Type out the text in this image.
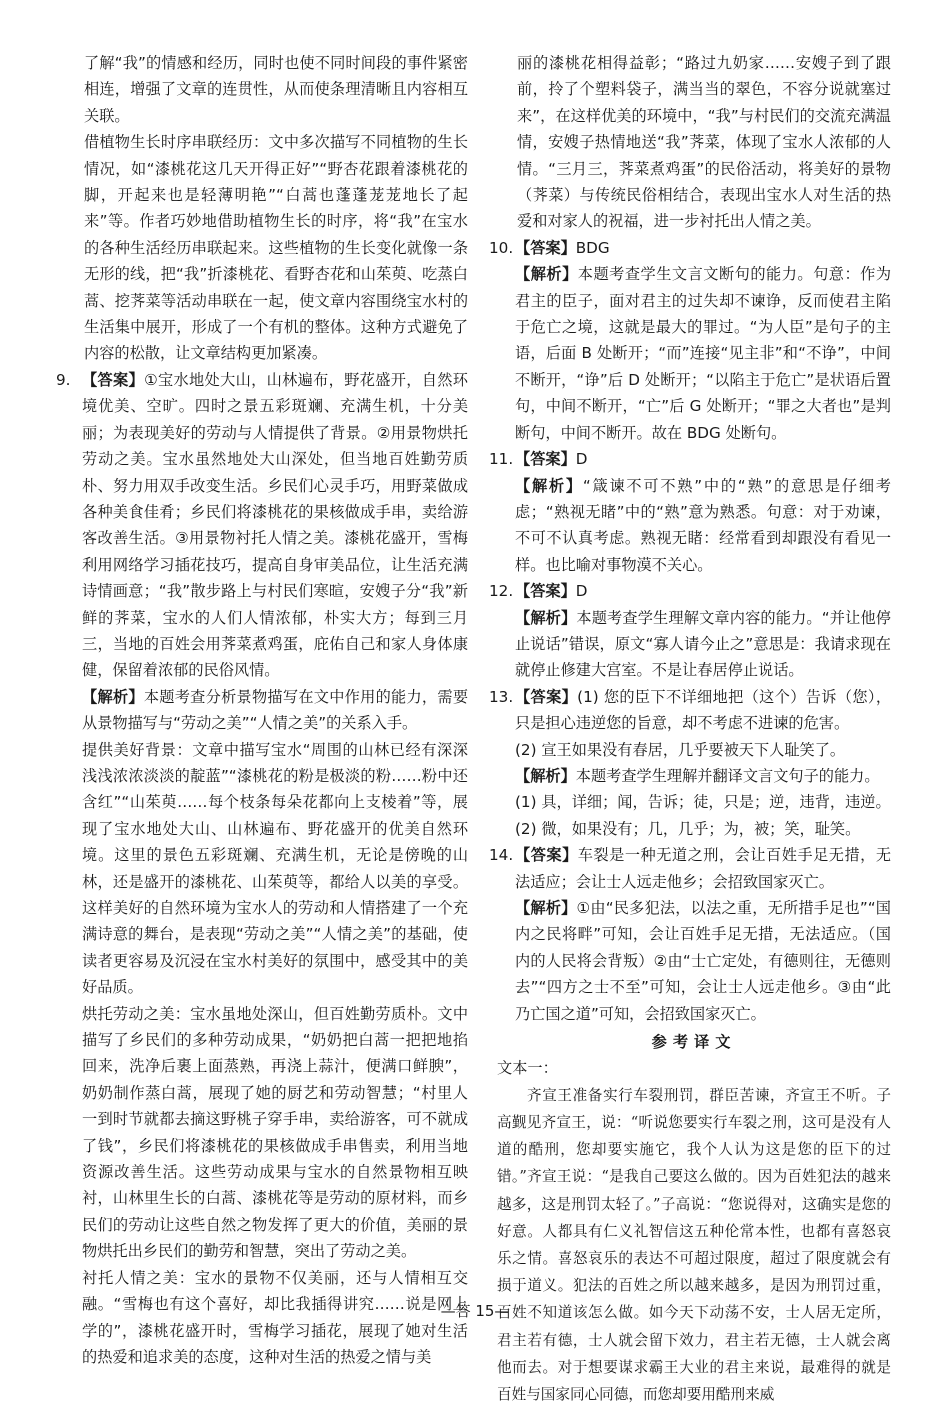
了解“我”的情感和经历，同时也使不同时间段的事件紧密相连，增强了文章的连贯性，从而使条理清晰且内容相互关联。

借植物生长时序串联经历：文中多次描写不同植物的生长情况，如“漆桃花这几天开得正好”“野杏花跟着漆桃花的脚，开起来也是轻薄明艳”“白蒿也蓬蓬茏茏地长了起来”等。作者巧妙地借助植物生长的时序，将“我”在宝水的各种生活经历串联起来。这些植物的生长变化就像一条无形的线，把“我”折漆桃花、看野杏花和山茱萸、吃蒸白蒿、挖荠菜等活动串联在一起，使文章内容围绕宝水村的生活集中展开，形成了一个有机的整体。这种方式避免了内容的松散，让文章结构更加紧凑。

9. 【答案】①宝水地处大山，山林遍布，野花盛开，自然环境优美、空旷。四时之景五彩斑斓、充满生机，十分美丽；为表现美好的劳动与人情提供了背景。②用景物烘托劳动之美。宝水虽然地处大山深处，但当地百姓勤劳质朴、努力用双手改变生活。乡民们心灵手巧，用野菜做成各种美食佳肴；乡民们将漆桃花的果核做成手串，卖给游客改善生活。③用景物衬托人情之美。漆桃花盛开，雪梅利用网络学习插花技巧，提高自身审美品位，让生活充满诗情画意；“我”散步路上与村民们寒暄，安嫂子分“我”新鲜的荠菜，宝水的人们人情浓郁，朴实大方；每到三月三，当地的百姓会用荠菜煮鸡蛋，庇佑自己和家人身体康健，保留着浓郁的民俗风情。

【解析】本题考查分析景物描写在文中作用的能力，需要从景物描写与“劳动之美”“人情之美”的关系入手。

提供美好背景：文章中描写宝水“周围的山林已经有深深浅浅浓浓淡淡的靛蓝”“漆桃花的粉是极淡的粉……粉中还含红”“山茱萸……每个枝条每朵花都向上支棱着”等，展现了宝水地处大山、山林遍布、野花盛开的优美自然环境。这里的景色五彩斑斓、充满生机，无论是傍晚的山林，还是盛开的漆桃花、山茱萸等，都给人以美的享受。这样美好的自然环境为宝水人的劳动和人情搭建了一个充满诗意的舞台，是表现“劳动之美”“人情之美”的基础，使读者更容易及沉浸在宝水村美好的氛围中，感受其中的美好品质。

烘托劳动之美：宝水虽地处深山，但百姓勤劳质朴。文中描写了乡民们的多种劳动成果，“奶奶把白蒿一把把地掐回来，洗净后裹上面蒸熟，再浇上蒜汁，便满口鲜腴”，奶奶制作蒸白蒿，展现了她的厨艺和劳动智慧；“村里人一到时节就都去摘这野桃子穿手串，卖给游客，可不就成了钱”，乡民们将漆桃花的果核做成手串售卖，利用当地资源改善生活。这些劳动成果与宝水的自然景物相互映衬，山林里生长的白蒿、漆桃花等是劳动的原材料，而乡民们的劳动让这些自然之物发挥了更大的价值，美丽的景物烘托出乡民们的勤劳和智慧，突出了劳动之美。

衬托人情之美：宝水的景物不仅美丽，还与人情相互交融。“雪梅也有这个喜好，却比我插得讲究……说是网上学的”，漆桃花盛开时，雪梅学习插花，展现了她对生活的热爱和追求美的态度，这种对生活的热爱之情与美

丽的漆桃花相得益彰；“路过九奶家……安嫂子到了跟前，拎了个塑料袋子，满当当的翠色，不容分说就塞过来”，在这样优美的环境中，“我”与村民们的交流充满温情，安嫂子热情地送“我”荠菜，体现了宝水人浓郁的人情。“三月三，荠菜煮鸡蛋”的民俗活动，将美好的景物（荠菜）与传统民俗相结合，表现出宝水人对生活的热爱和对家人的祝福，进一步衬托出人情之美。

10. 【答案】BDG

【解析】本题考查学生文言文断句的能力。句意：作为君主的臣子，面对君主的过失却不谏诤，反而使君主陷于危亡之境，这就是最大的罪过。“为人臣”是句子的主语，后面 B 处断开；“而”连接“见主非”和“不诤”，中间不断开，“诤”后 D 处断开；“以陷主于危亡”是状语后置句，中间不断开，“亡”后 G 处断开；“罪之大者也”是判断句，中间不断开。故在 BDG 处断句。

11. 【答案】D

【解析】“箴谏不可不熟”中的“熟”的意思是仔细考虑；“熟视无睹”中的“熟”意为熟悉。句意：对于劝谏，不可不认真考虑。熟视无睹：经常看到却跟没有看见一样。也比喻对事物漠不关心。

12. 【答案】D

【解析】本题考查学生理解文章内容的能力。“并让他停止说话”错误，原文“寡人请今止之”意思是：我请求现在就停止修建大宫室。不是让春居停止说话。

13. 【答案】(1) 您的臣下不详细地把（这个）告诉（您），只是担心违逆您的旨意，却不考虑不进谏的危害。

(2) 宣王如果没有春居，几乎要被天下人耻笑了。

【解析】本题考查学生理解并翻译文言文句子的能力。

(1) 具，详细；闻，告诉；徒，只是；逆，违背，违逆。

(2) 微，如果没有；几，几乎；为，被；笑，耻笑。

14. 【答案】车裂是一种无道之刑，会让百姓手足无措，无法适应；会让士人远走他乡；会招致国家灭亡。

【解析】①由“民多犯法，以法之重，无所措手足也”“国内之民将畔”可知，会让百姓手足无措，无法适应。（国内的人民将会背叛）②由“士亡定处，有德则往，无德则去”“四方之士不至”可知，会让士人远走他乡。③由“此乃亡国之道”可知，会招致国家灭亡。

参考译文

文本一：

齐宣王准备实行车裂刑罚，群臣苦谏，齐宣王不听。子高觐见齐宣王，说：“听说您要实行车裂之刑，这可是没有人道的酷刑，您却要实施它，我个人认为这是您的臣下的过错。”齐宣王说：“是我自己要这么做的。因为百姓犯法的越来越多，这是刑罚太轻了。”子高说：“您说得对，这确实是您的好意。人都具有仁义礼智信这五种伦常本性，也都有喜怒哀乐之情。喜怒哀乐的表达不可超过限度，超过了限度就会有损于道义。犯法的百姓之所以越来越多，是因为刑罚过重，百姓不知道该怎么做。如今天下动荡不安，士人居无定所，君主若有德，士人就会留下效力，君主若无德，士人就会离他而去。对于想要谋求霸王大业的君主来说，最难得的就是百姓与国家同心同德，而您却要用酷刑来威

—答 15—
